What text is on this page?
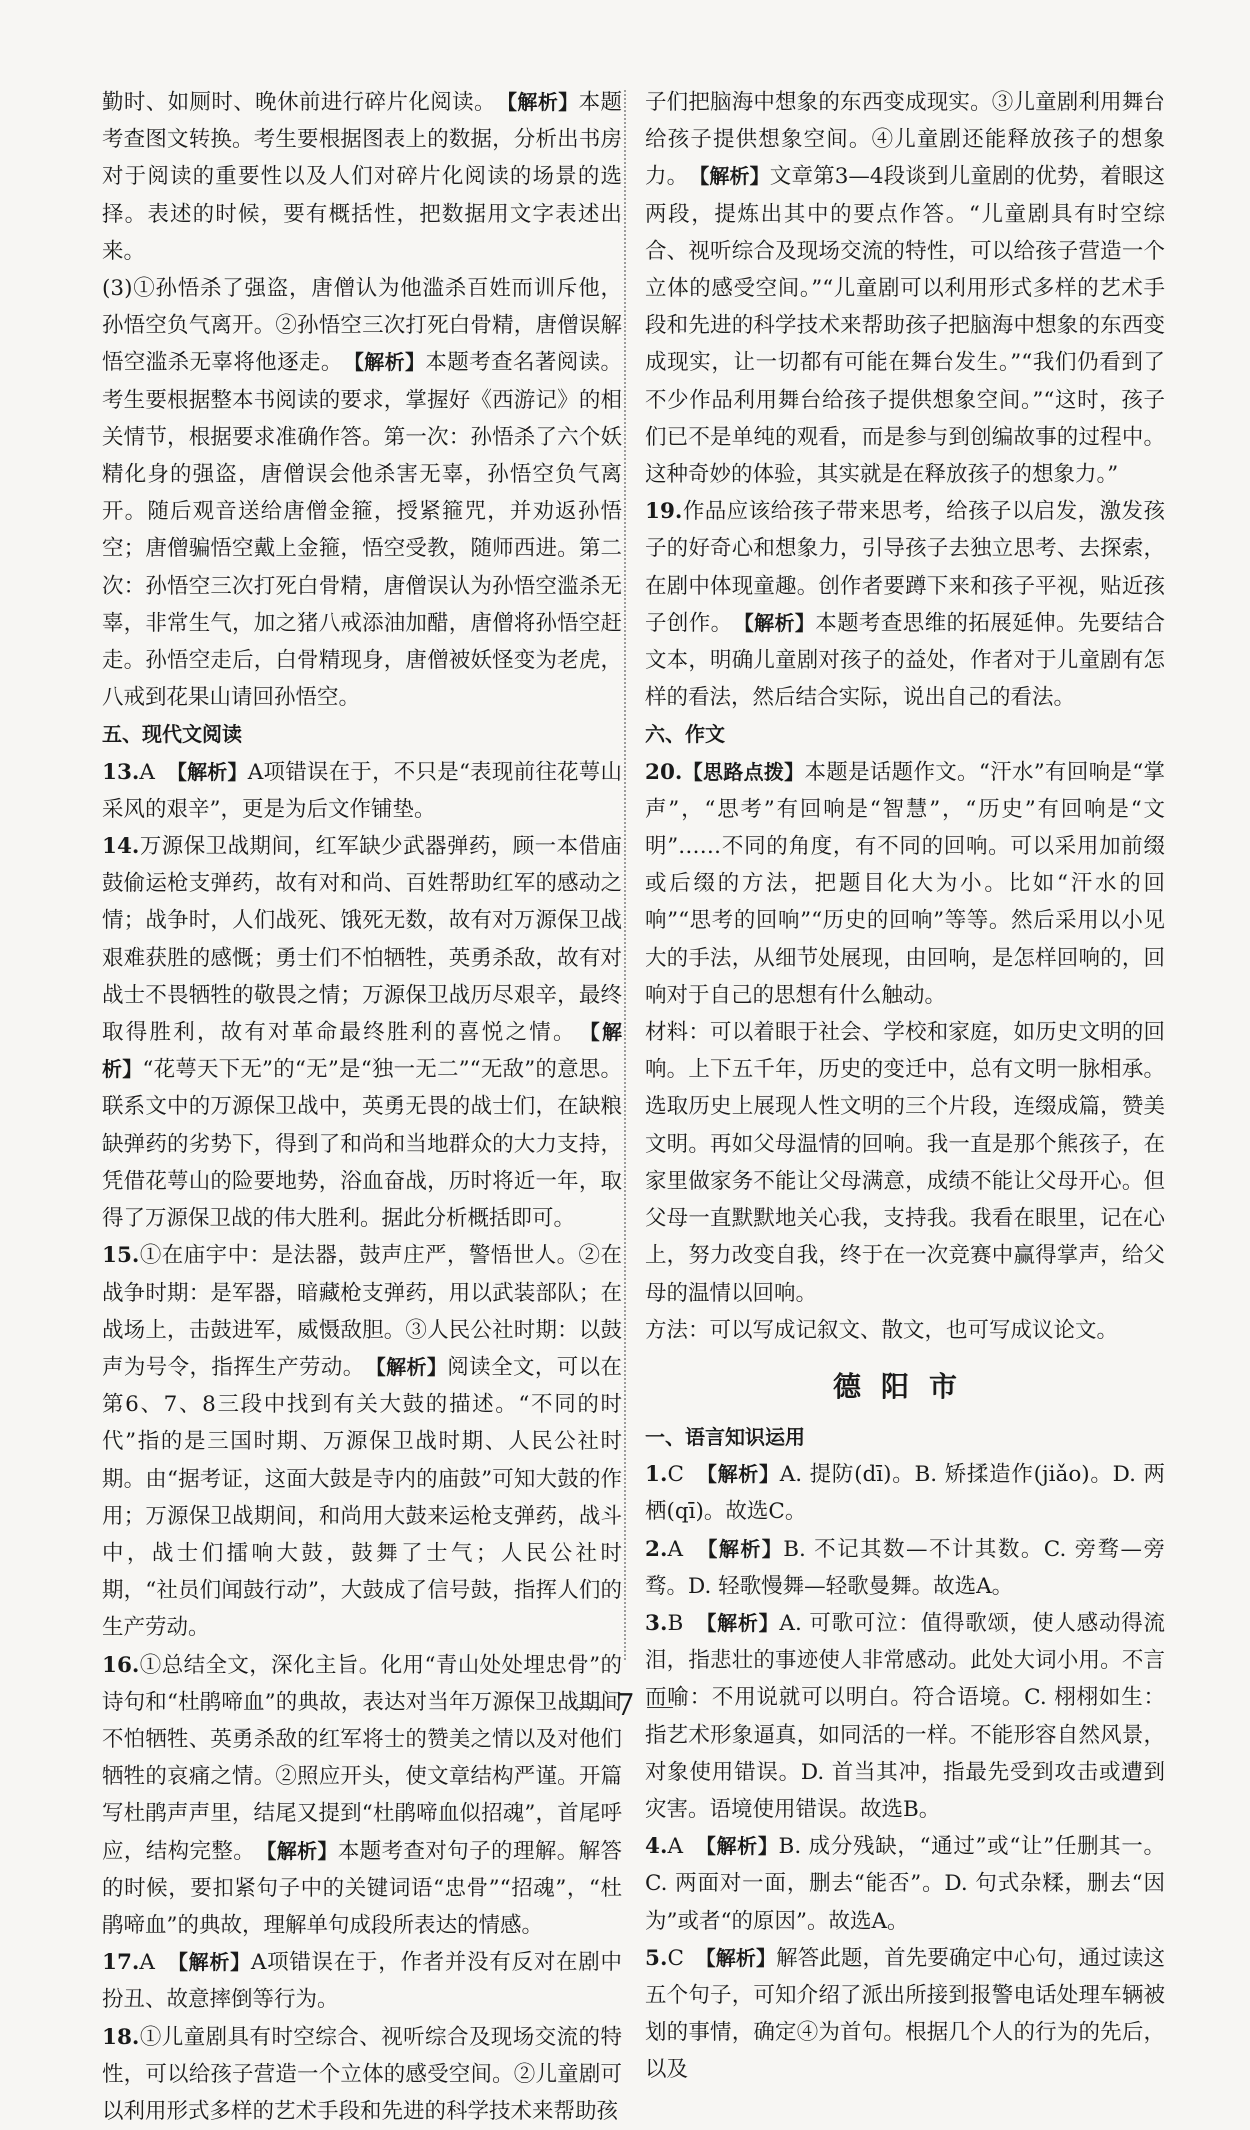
勤时、如厕时、晚休前进行碎片化阅读。　 【解析】本题考查图文转换。考生要根据图表上的数据，分析出书房对于阅读的重要性以及人们对碎片化阅读的场景的选择。表述的时候，要有概括性，把数据用文字表述出来。

(3)①孙悟杀了强盗，唐僧认为他滥杀百姓而训斥他，孙悟空负气离开。②孙悟空三次打死白骨精，唐僧误解悟空滥杀无辜将他逐走。　 【解析】本题考查名著阅读。考生要根据整本书阅读的要求，掌握好《西游记》的相关情节，根据要求准确作答。第一次：孙悟杀了六个妖精化身的强盗，唐僧误会他杀害无辜，孙悟空负气离开。随后观音送给唐僧金箍，授紧箍咒，并劝返孙悟空；唐僧骗悟空戴上金箍，悟空受教，随师西进。第二次：孙悟空三次打死白骨精，唐僧误认为孙悟空滥杀无辜，非常生气，加之猪八戒添油加醋，唐僧将孙悟空赶走。孙悟空走后，白骨精现身，唐僧被妖怪变为老虎，八戒到花果山请回孙悟空。

五、现代文阅读

13.A　 【解析】A项错误在于，不只是“表现前往花萼山采风的艰辛”，更是为后文作铺垫。

14.万源保卫战期间，红军缺少武器弹药，顾一本借庙鼓偷运枪支弹药，故有对和尚、百姓帮助红军的感动之情；战争时，人们战死、饿死无数，故有对万源保卫战艰难获胜的感慨；勇士们不怕牺牲，英勇杀敌，故有对战士不畏牺牲的敬畏之情；万源保卫战历尽艰辛，最终取得胜利，故有对革命最终胜利的喜悦之情。　 【解析】“花萼天下无”的“无”是“独一无二”“无敌”的意思。联系文中的万源保卫战中，英勇无畏的战士们，在缺粮缺弹药的劣势下，得到了和尚和当地群众的大力支持，凭借花萼山的险要地势，浴血奋战，历时将近一年，取得了万源保卫战的伟大胜利。据此分析概括即可。

15.①在庙宇中：是法器，鼓声庄严，警悟世人。②在战争时期：是军器，暗藏枪支弹药，用以武装部队；在战场上，击鼓进军，威慑敌胆。③人民公社时期：以鼓声为号令，指挥生产劳动。　 【解析】阅读全文，可以在第6、7、8三段中找到有关大鼓的描述。“不同的时代”指的是三国时期、万源保卫战时期、人民公社时期。由“据考证，这面大鼓是寺内的庙鼓”可知大鼓的作用；万源保卫战期间，和尚用大鼓来运枪支弹药，战斗中，战士们擂响大鼓，鼓舞了士气；人民公社时期，“社员们闻鼓行动”，大鼓成了信号鼓，指挥人们的生产劳动。

16.①总结全文，深化主旨。化用“青山处处埋忠骨”的诗句和“杜鹃啼血”的典故，表达对当年万源保卫战期间不怕牺牲、英勇杀敌的红军将士的赞美之情以及对他们牺牲的哀痛之情。②照应开头，使文章结构严谨。开篇写杜鹃声声里，结尾又提到“杜鹃啼血似招魂”，首尾呼应，结构完整。　 【解析】本题考查对句子的理解。解答的时候，要扣紧句子中的关键词语“忠骨”“招魂”，“杜鹃啼血”的典故，理解单句成段所表达的情感。

17.A　 【解析】A项错误在于，作者并没有反对在剧中扮丑、故意摔倒等行为。

18.①儿童剧具有时空综合、视听综合及现场交流的特性，可以给孩子营造一个立体的感受空间。②儿童剧可以利用形式多样的艺术手段和先进的科学技术来帮助孩

子们把脑海中想象的东西变成现实。③儿童剧利用舞台给孩子提供想象空间。④儿童剧还能释放孩子的想象力。　 【解析】文章第3—4段谈到儿童剧的优势，着眼这两段，提炼出其中的要点作答。“儿童剧具有时空综合、视听综合及现场交流的特性，可以给孩子营造一个立体的感受空间。”“儿童剧可以利用形式多样的艺术手段和先进的科学技术来帮助孩子把脑海中想象的东西变成现实，让一切都有可能在舞台发生。”“我们仍看到了不少作品利用舞台给孩子提供想象空间。”“这时，孩子们已不是单纯的观看，而是参与到创编故事的过程中。这种奇妙的体验，其实就是在释放孩子的想象力。”

19.作品应该给孩子带来思考，给孩子以启发，激发孩子的好奇心和想象力，引导孩子去独立思考、去探索，在剧中体现童趣。创作者要蹲下来和孩子平视，贴近孩子创作。　 【解析】本题考查思维的拓展延伸。先要结合文本，明确儿童剧对孩子的益处，作者对于儿童剧有怎样的看法，然后结合实际，说出自己的看法。

六、作文

20.【思路点拨】本题是话题作文。“汗水”有回响是“掌声”，“思考”有回响是“智慧”，“历史”有回响是“文明”……不同的角度，有不同的回响。可以采用加前缀或后缀的方法，把题目化大为小。比如“汗水的回响”“思考的回响”“历史的回响”等等。然后采用以小见大的手法，从细节处展现，由回响，是怎样回响的，回响对于自己的思想有什么触动。

材料：可以着眼于社会、学校和家庭，如历史文明的回响。上下五千年，历史的变迁中，总有文明一脉相承。选取历史上展现人性文明的三个片段，连缀成篇，赞美文明。再如父母温情的回响。我一直是那个熊孩子，在家里做家务不能让父母满意，成绩不能让父母开心。但父母一直默默地关心我，支持我。我看在眼里，记在心上，努力改变自我，终于在一次竞赛中赢得掌声，给父母的温情以回响。

方法：可以写成记叙文、散文，也可写成议论文。

德阳市

一、语言知识运用

1.C　 【解析】A. 提防(dī)。B. 矫揉造作(jiǎo)。D. 两栖(qī)。故选C。

2.A　 【解析】B. 不记其数—不计其数。C. 旁骛—旁骛。D. 轻歌慢舞—轻歌曼舞。故选A。

3.B　 【解析】A. 可歌可泣：值得歌颂，使人感动得流泪，指悲壮的事迹使人非常感动。此处大词小用。不言而喻：不用说就可以明白。符合语境。C. 栩栩如生：指艺术形象逼真，如同活的一样。不能形容自然风景，对象使用错误。D. 首当其冲，指最先受到攻击或遭到灾害。语境使用错误。故选B。

4.A　 【解析】B. 成分残缺，“通过”或“让”任删其一。C. 两面对一面，删去“能否”。D. 句式杂糅，删去“因为”或者“的原因”。故选A。

5.C　 【解析】解答此题，首先要确定中心句，通过读这五个句子，可知介绍了派出所接到报警电话处理车辆被划的事情，确定④为首句。根据几个人的行为的先后，以及

7
